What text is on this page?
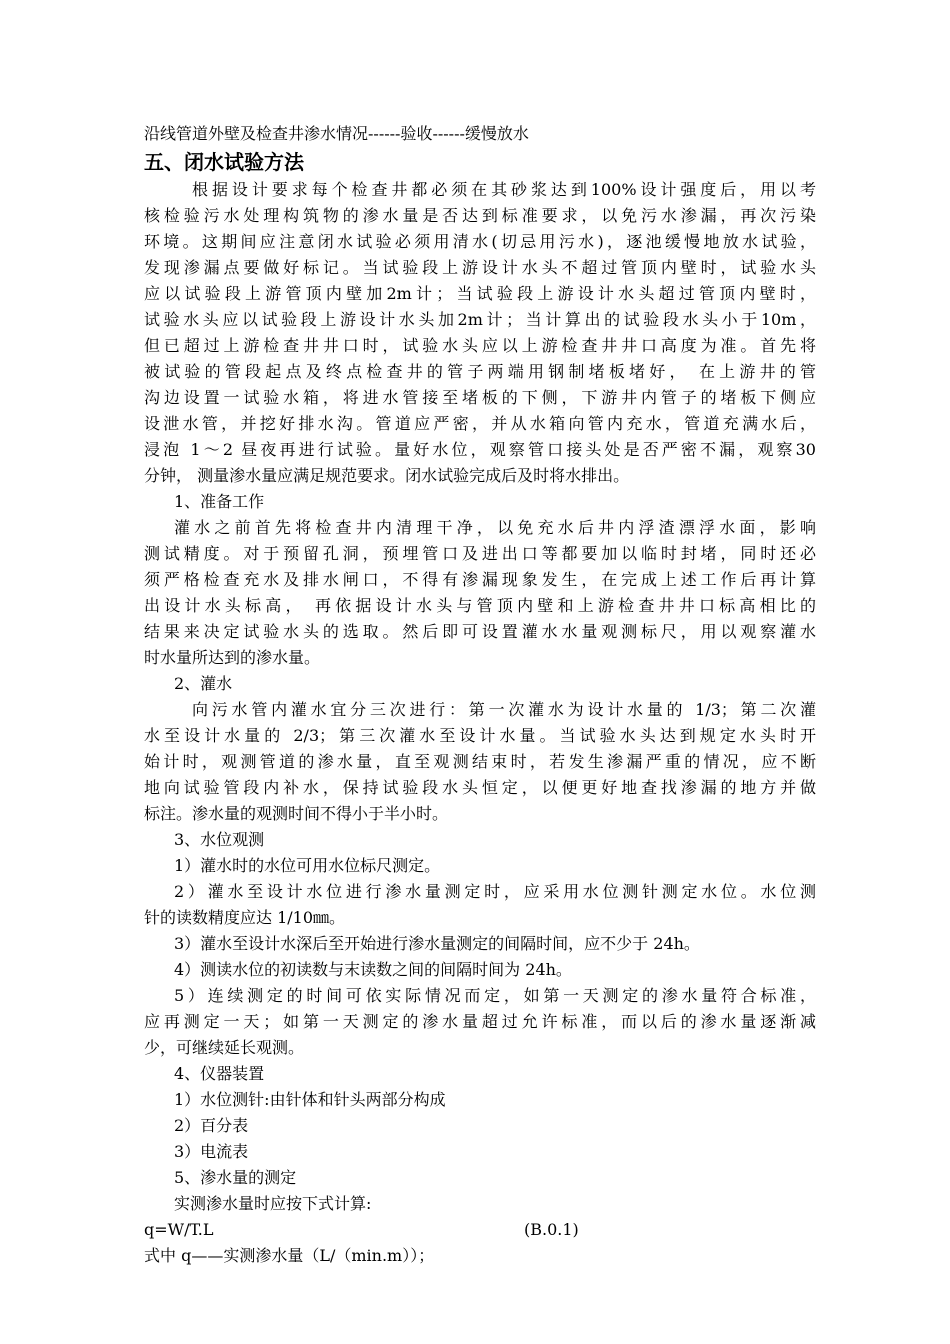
沿线管道外壁及检查井渗水情况------验收------缓慢放水
五、闭水试验方法
根据设计要求每个检查井都必须在其砂浆达到100%设计强度后，用以考
核检验污水处理构筑物的渗水量是否达到标准要求，以免污水渗漏，再次污染
环境。这期间应注意闭水试验必须用清水(切忌用污水)，逐池缓慢地放水试验，
发现渗漏点要做好标记。当试验段上游设计水头不超过管顶内壁时，试验水头
应以试验段上游管顶内壁加2m计；当试验段上游设计水头超过管顶内壁时，
试验水头应以试验段上游设计水头加2m计；当计算出的试验段水头小于10m，
但已超过上游检查井井口时，试验水头应以上游检查井井口高度为准。首先将
被试验的管段起点及终点检查井的管子两端用钢制堵板堵好， 在上游井的管
沟边设置一试验水箱，将进水管接至堵板的下侧，下游井内管子的堵板下侧应
设泄水管，并挖好排水沟。管道应严密，并从水箱向管内充水，管道充满水后，
浸泡 1～2 昼夜再进行试验。量好水位，观察管口接头处是否严密不漏，观察30
分钟， 测量渗水量应满足规范要求。闭水试验完成后及时将水排出。
1、准备工作
灌水之前首先将检查井内清理干净，以免充水后井内浮渣漂浮水面，影响
测试精度。对于预留孔洞，预埋管口及进出口等都要加以临时封堵，同时还必
须严格检查充水及排水闸口，不得有渗漏现象发生，在完成上述工作后再计算
出设计水头标高， 再依据设计水头与管顶内壁和上游检查井井口标高相比的
结果来决定试验水头的选取。然后即可设置灌水水量观测标尺，用以观察灌水
时水量所达到的渗水量。
2、灌水
向污水管内灌水宜分三次进行：第一次灌水为设计水量的 1/3；第二次灌
水至设计水量的 2/3；第三次灌水至设计水量。当试验水头达到规定水头时开
始计时，观测管道的渗水量，直至观测结束时，若发生渗漏严重的情况，应不断
地向试验管段内补水，保持试验段水头恒定，以便更好地查找渗漏的地方并做
标注。渗水量的观测时间不得小于半小时。
3、水位观测
1）灌水时的水位可用水位标尺测定。
2）灌水至设计水位进行渗水量测定时，应采用水位测针测定水位。水位测
针的读数精度应达 1/10㎜。
3）灌水至设计水深后至开始进行渗水量测定的间隔时间，应不少于 24h。
4）测读水位的初读数与末读数之间的间隔时间为 24h。
5）连续测定的时间可依实际情况而定，如第一天测定的渗水量符合标准，
应再测定一天；如第一天测定的渗水量超过允许标准，而以后的渗水量逐渐减
少，可继续延长观测。
4、仪器装置
1）水位测针:由针体和针头两部分构成
2）百分表
3）电流表
5、渗水量的测定
实测渗水量时应按下式计算:
q=W/T.L	(B.0.1)
式中 q——实测渗水量（L/（min.m））；
